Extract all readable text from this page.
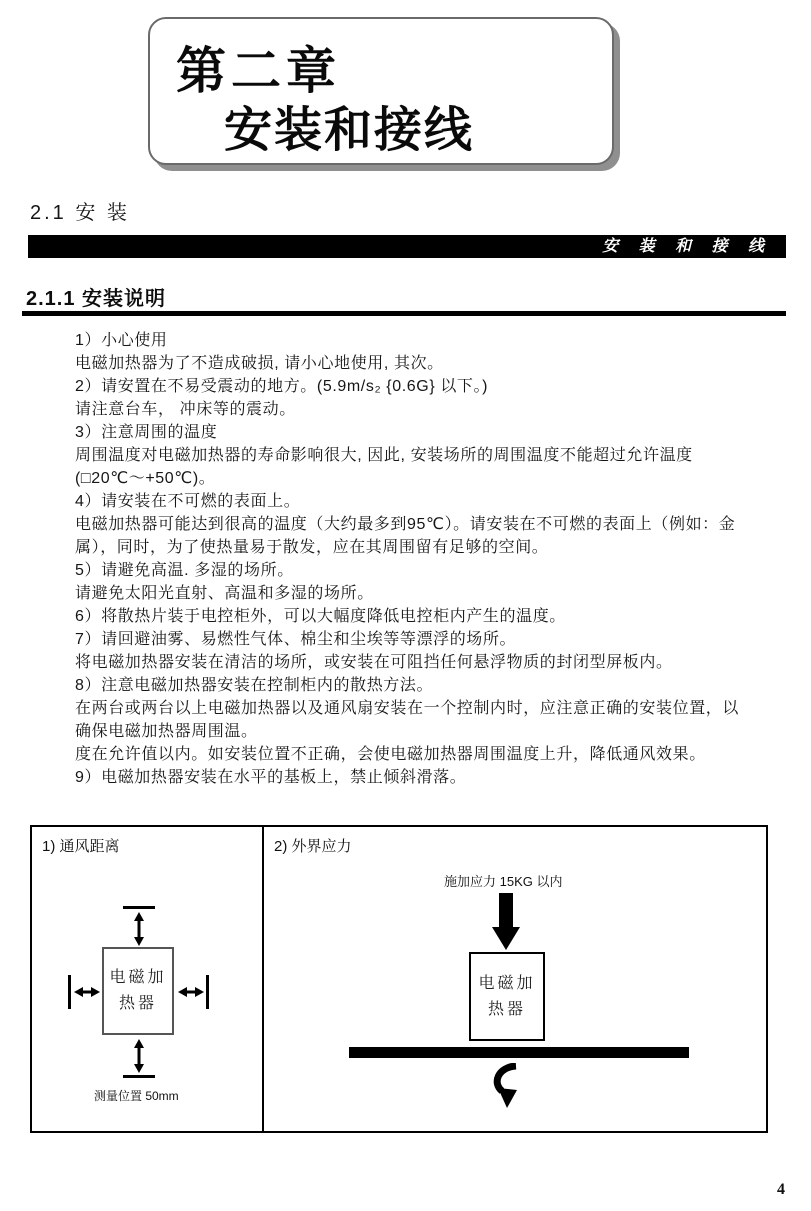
第二章
安装和接线
2.1 安 装
安 装 和 接 线
2.1.1 安装说明
1）小心使用
电磁加热器为了不造成破损, 请小心地使用, 其次。
2）请安置在不易受震动的地方。(5.9m/s₂ {0.6G} 以下。)
请注意台车， 冲床等的震动。
3）注意周围的温度
周围温度对电磁加热器的寿命影响很大, 因此, 安装场所的周围温度不能超过允许温度
(□20℃～+50℃)。
4）请安装在不可燃的表面上。
电磁加热器可能达到很高的温度（大约最多到95℃）。请安装在不可燃的表面上（例如：金
属），同时，为了使热量易于散发，应在其周围留有足够的空间。
5）请避免高温. 多湿的场所。
请避免太阳光直射、高温和多湿的场所。
6）将散热片装于电控柜外，可以大幅度降低电控柜内产生的温度。
7）请回避油雾、易燃性气体、棉尘和尘埃等等漂浮的场所。
将电磁加热器安装在清洁的场所，或安装在可阻挡任何悬浮物质的封闭型屏板内。
8）注意电磁加热器安装在控制柜内的散热方法。
在两台或两台以上电磁加热器以及通风扇安装在一个控制内时，应注意正确的安装位置，以
确保电磁加热器周围温。
度在允许值以内。如安装位置不正确，会使电磁加热器周围温度上升，降低通风效果。
9）电磁加热器安装在水平的基板上，禁止倾斜滑落。
1) 通风距离
电磁加
热器
测量位置 50mm
2) 外界应力
施加应力 15KG 以内
电磁加
热器
4
